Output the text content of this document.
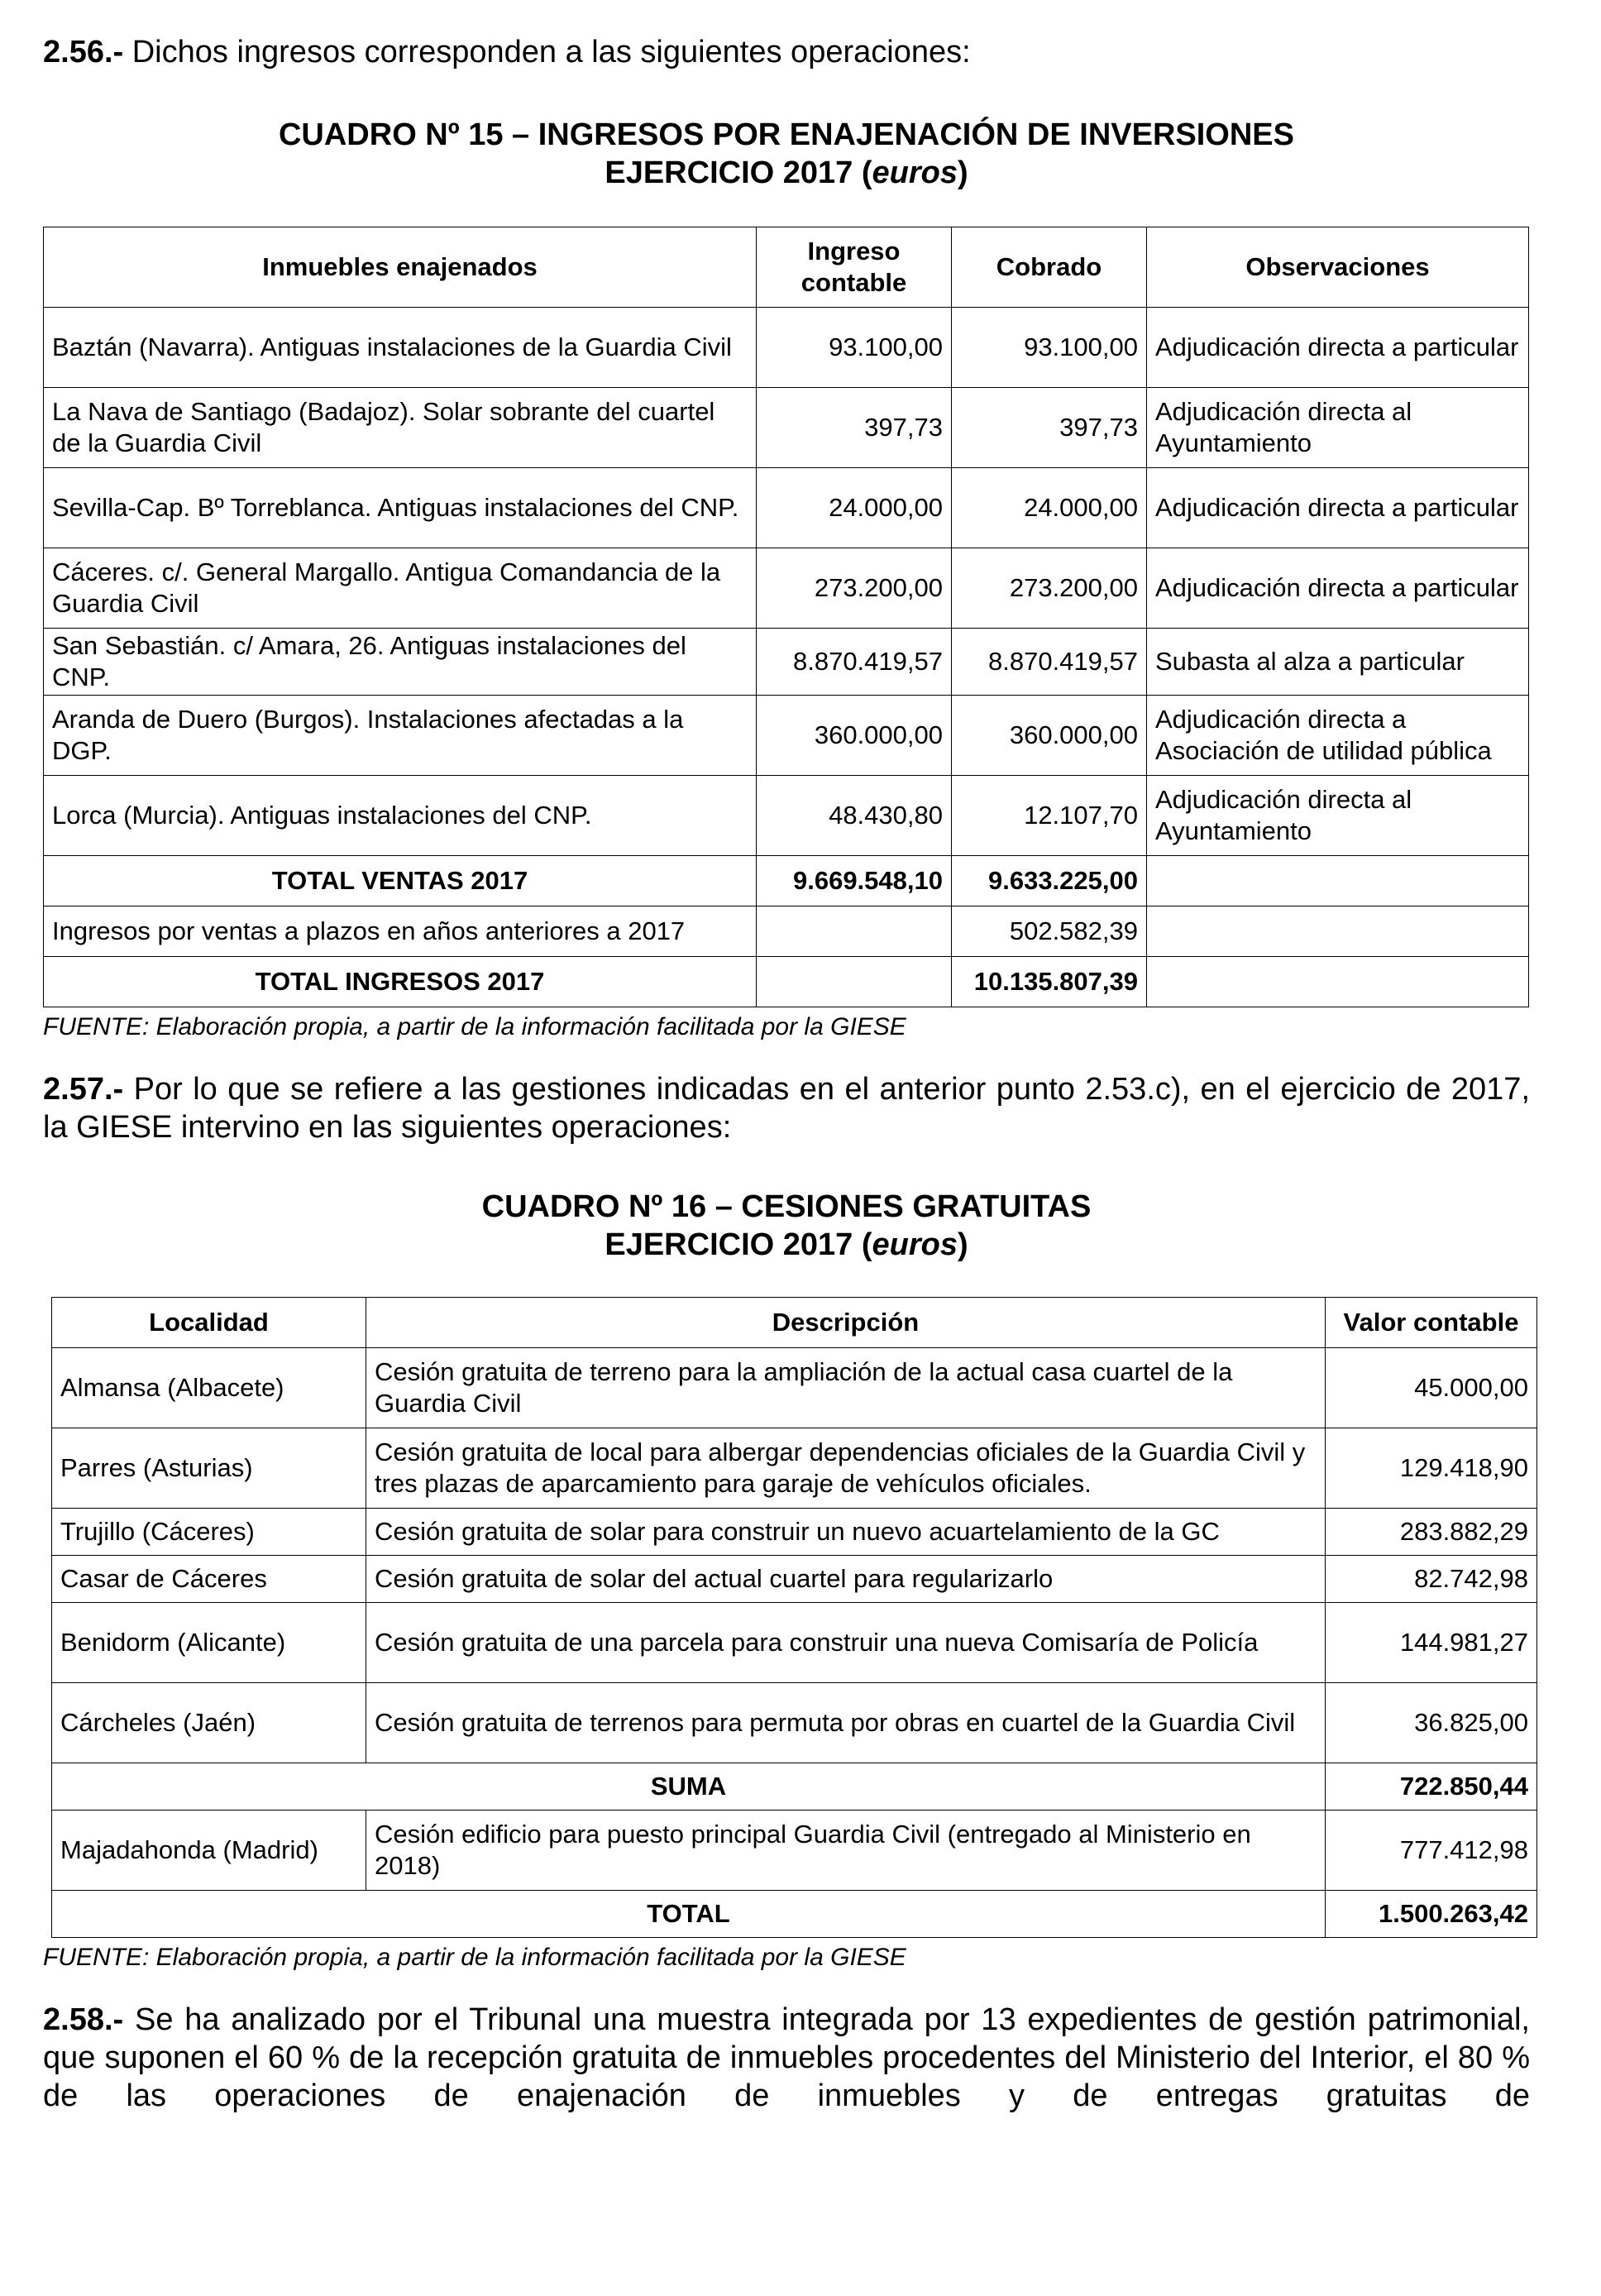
2.56.- Dichos ingresos corresponden a las siguientes operaciones:

CUADRO Nº 15 – INGRESOS POR ENAJENACIÓN DE INVERSIONES

EJERCICIO 2017 (euros)

Inmuebles enajenados	Ingreso contable	Cobrado	Observaciones
Baztán (Navarra). Antiguas instalaciones de la Guardia Civil	93.100,00	93.100,00	Adjudicación directa a particular
La Nava de Santiago (Badajoz). Solar sobrante del cuartel de la Guardia Civil	397,73	397,73	Adjudicación directa al Ayuntamiento
Sevilla-Cap. Bº Torreblanca. Antiguas instalaciones del CNP.	24.000,00	24.000,00	Adjudicación directa a particular
Cáceres. c/. General Margallo. Antigua Comandancia de la Guardia Civil	273.200,00	273.200,00	Adjudicación directa a particular
San Sebastián. c/ Amara, 26. Antiguas instalaciones del CNP.	8.870.419,57	8.870.419,57	Subasta al alza a particular
Aranda de Duero (Burgos). Instalaciones afectadas a la DGP.	360.000,00	360.000,00	Adjudicación directa a Asociación de utilidad pública
Lorca (Murcia). Antiguas instalaciones del CNP.	48.430,80	12.107,70	Adjudicación directa al Ayuntamiento
TOTAL VENTAS 2017	9.669.548,10	9.633.225,00	
Ingresos por ventas a plazos en años anteriores a 2017		502.582,39	
TOTAL INGRESOS 2017		10.135.807,39	

FUENTE: Elaboración propia, a partir de la información facilitada por la GIESE

2.57.- Por lo que se refiere a las gestiones indicadas en el anterior punto 2.53.c), en el ejercicio de 2017, la GIESE intervino en las siguientes operaciones:

CUADRO Nº 16 – CESIONES GRATUITAS

EJERCICIO 2017 (euros)

Localidad	Descripción	Valor contable
Almansa (Albacete)	Cesión gratuita de terreno para la ampliación de la actual casa cuartel de la Guardia Civil	45.000,00
Parres (Asturias)	Cesión gratuita de local para albergar dependencias oficiales de la Guardia Civil y tres plazas de aparcamiento para garaje de vehículos oficiales.	129.418,90
Trujillo (Cáceres)	Cesión gratuita de solar para construir un nuevo acuartelamiento de la GC	283.882,29
Casar de Cáceres	Cesión gratuita de solar del actual cuartel para regularizarlo	82.742,98
Benidorm (Alicante)	Cesión gratuita de una parcela para construir una nueva Comisaría de Policía	144.981,27
Cárcheles (Jaén)	Cesión gratuita de terrenos para permuta por obras en cuartel de la Guardia Civil	36.825,00
SUMA		722.850,44
Majadahonda (Madrid)	Cesión edificio para puesto principal Guardia Civil (entregado al Ministerio en 2018)	777.412,98
TOTAL		1.500.263,42

FUENTE: Elaboración propia, a partir de la información facilitada por la GIESE

2.58.- Se ha analizado por el Tribunal una muestra integrada por 13 expedientes de gestión patrimonial, que suponen el 60 % de la recepción gratuita de inmuebles procedentes del Ministerio del Interior, el 80 % de las operaciones de enajenación de inmuebles y de entregas gratuitas de
